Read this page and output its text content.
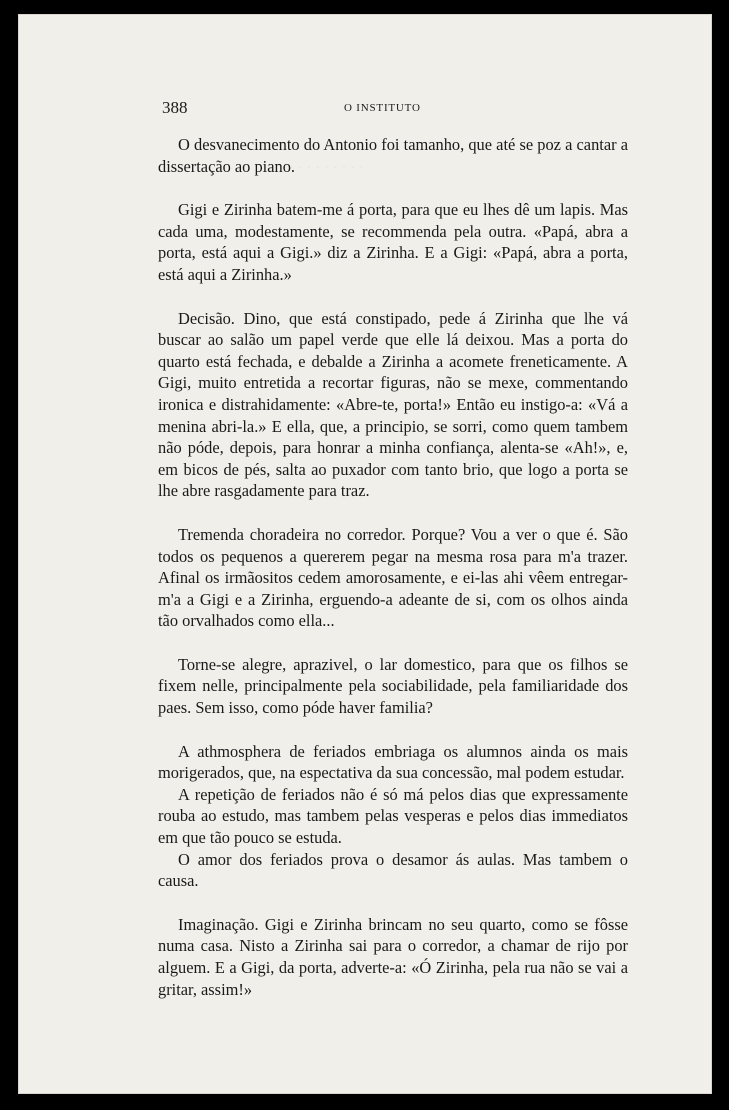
388	O INSTITUTO

O desvanecimento do Antonio foi tamanho, que até se poz a cantar a dissertação ao piano.

Gigi e Zirinha batem-me á porta, para que eu lhes dê um lapis. Mas cada uma, modestamente, se recommenda pela outra. «Papá, abra a porta, está aqui a Gigi.» diz a Zirinha. E a Gigi: «Papá, abra a porta, está aqui a Zirinha.»

Decisão. Dino, que está constipado, pede á Zirinha que lhe vá buscar ao salão um papel verde que elle lá deixou. Mas a porta do quarto está fechada, e debalde a Zirinha a acomete freneticamente. A Gigi, muito entretida a recortar figuras, não se mexe, commentando ironica e distrahidamente: «Abre-te, porta!» Então eu instigo-a: «Vá a menina abri-la.» E ella, que, a principio, se sorri, como quem tambem não póde, depois, para honrar a minha confiança, alenta-se «Ah!», e, em bicos de pés, salta ao puxador com tanto brio, que logo a porta se lhe abre rasgadamente para traz.

Tremenda choradeira no corredor. Porque? Vou a ver o que é. São todos os pequenos a quererem pegar na mesma rosa para m'a trazer. Afinal os irmãositos cedem amorosamente, e ei-las ahi vêem entregar-m'a a Gigi e a Zirinha, erguendo-a adeante de si, com os olhos ainda tão orvalhados como ella...

Torne-se alegre, aprazivel, o lar domestico, para que os filhos se fixem nelle, principalmente pela sociabilidade, pela familiaridade dos paes. Sem isso, como póde haver familia?

A athmosphera de feriados embriaga os alumnos ainda os mais morigerados, que, na espectativa da sua concessão, mal podem estudar.

A repetição de feriados não é só má pelos dias que expressamente rouba ao estudo, mas tambem pelas vesperas e pelos dias immediatos em que tão pouco se estuda.

O amor dos feriados prova o desamor ás aulas. Mas tambem o causa.

Imaginação. Gigi e Zirinha brincam no seu quarto, como se fôsse numa casa. Nisto a Zirinha sai para o corredor, a chamar de rijo por alguem. E a Gigi, da porta, adverte-a: «Ó Zirinha, pela rua não se vai a gritar, assim!»
